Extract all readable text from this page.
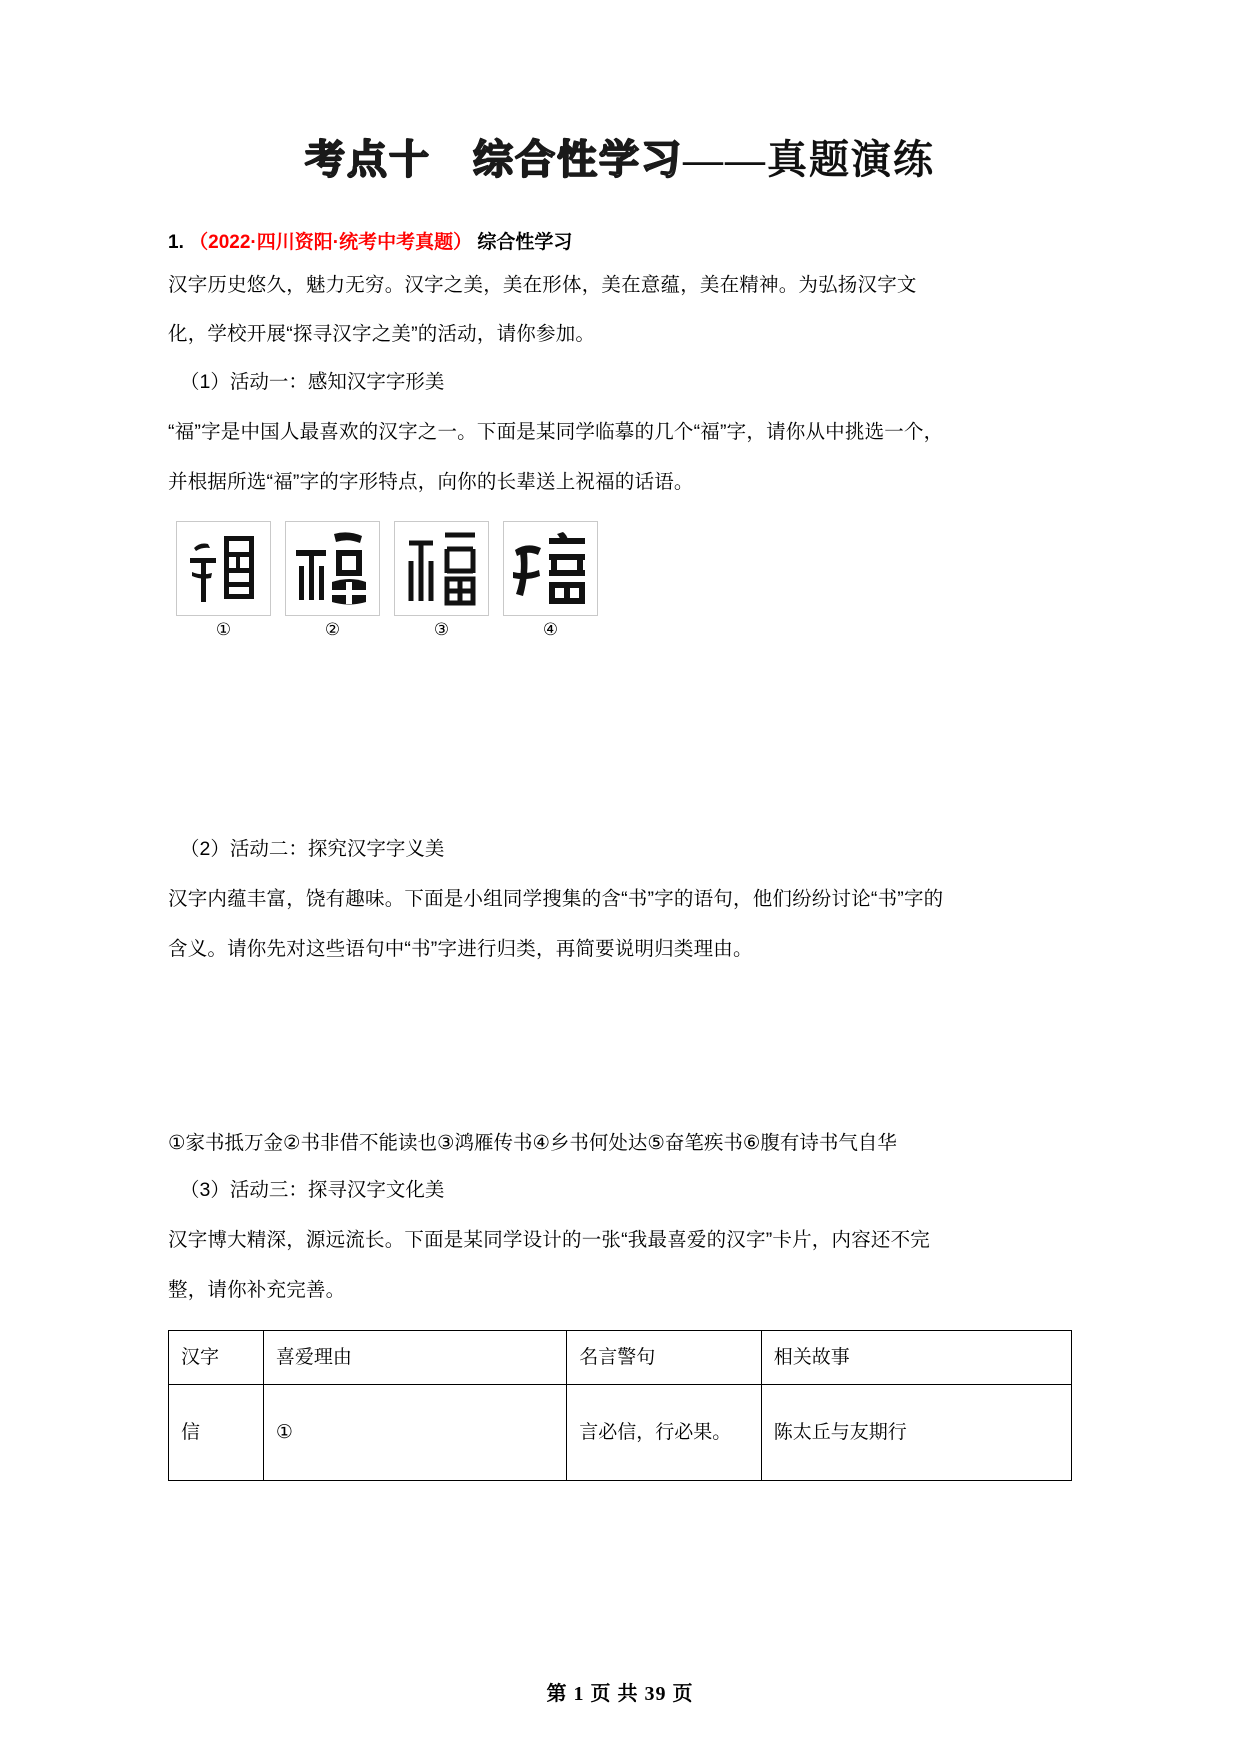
考点十　综合性学习——真题演练
1. （2022·四川资阳·统考中考真题） 综合性学习

汉字历史悠久，魅力无穷。汉字之美，美在形体，美在意蕴，美在精神。为弘扬汉字文

化，学校开展“探寻汉字之美”的活动，请你参加。

（1）活动一：感知汉字字形美

“福”字是中国人最喜欢的汉字之一。下面是某同学临摹的几个“福”字，请你从中挑选一个，

并根据所选“福”字的字形特点，向你的长辈送上祝福的话语。

①	②	③	④

（2）活动二：探究汉字字义美

汉字内蕴丰富，饶有趣味。下面是小组同学搜集的含“书”字的语句，他们纷纷讨论“书”字的

含义。请你先对这些语句中“书”字进行归类，再简要说明归类理由。

①家书抵万金②书非借不能读也③鸿雁传书④乡书何处达⑤奋笔疾书⑥腹有诗书气自华

（3）活动三：探寻汉字文化美

汉字博大精深，源远流长。下面是某同学设计的一张“我最喜爱的汉字”卡片，内容还不完

整，请你补充完善。

汉字	喜爱理由	名言警句	相关故事
信	①	言必信，行必果。	陈太丘与友期行
第 1 页 共 39 页
